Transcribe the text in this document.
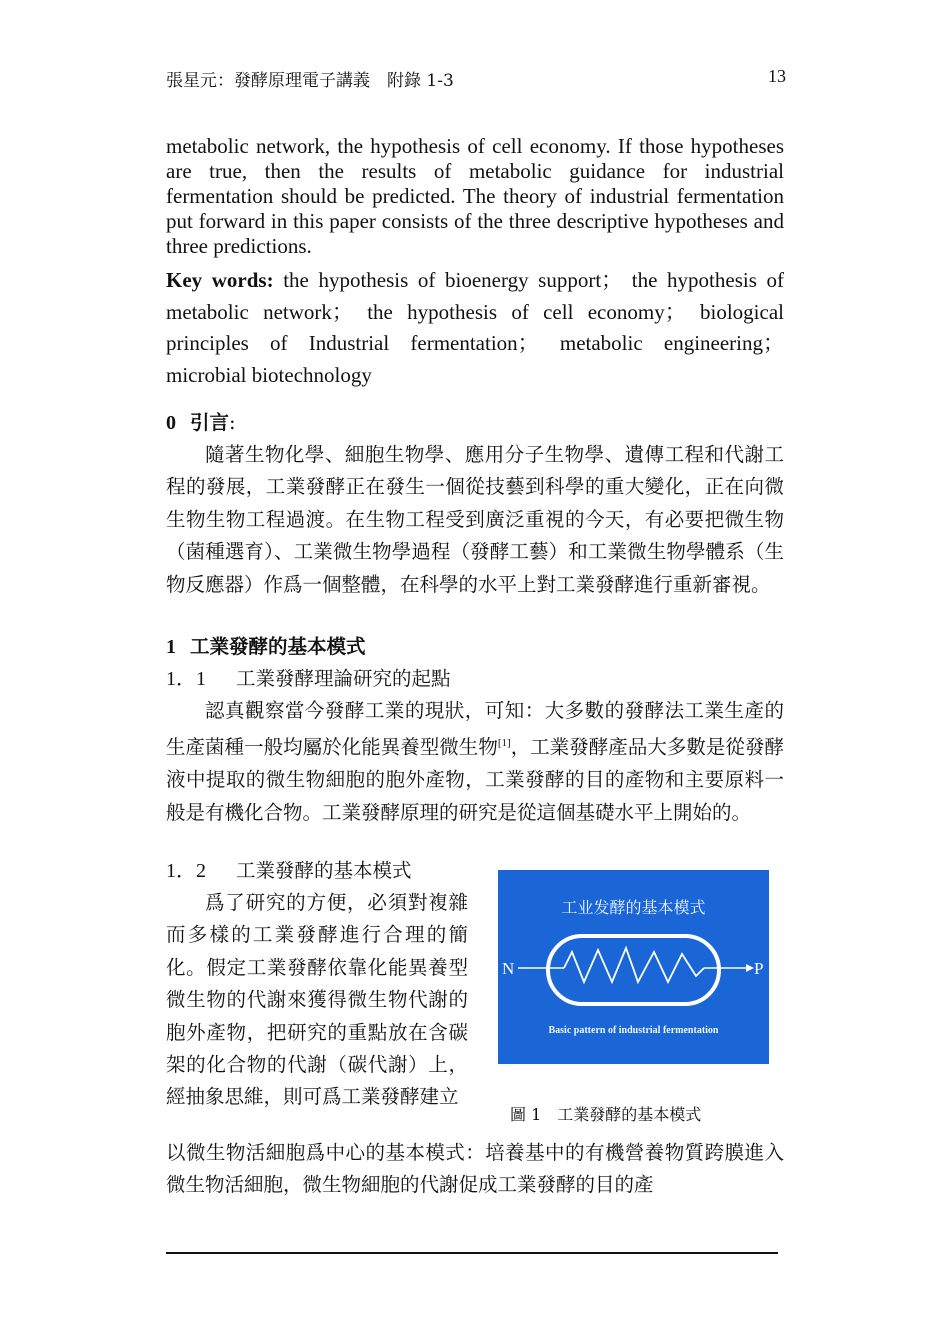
張星元：發酵原理電子講義　附錄 1-3	13

metabolic network, the hypothesis of cell economy. If those hypotheses are true, then the results of metabolic guidance for industrial fermentation should be predicted. The theory of industrial fermentation put forward in this paper consists of the three descriptive hypotheses and three predictions.

Key words: the hypothesis of bioenergy support； the hypothesis of metabolic network； the hypothesis of cell economy； biological principles of Industrial fermentation； metabolic engineering； microbial biotechnology
0 引言:

隨著生物化學、細胞生物學、應用分子生物學、遺傳工程和代謝工程的發展，工業發酵正在發生一個從技藝到科學的重大變化，正在向微生物生物工程過渡。在生物工程受到廣泛重視的今天，有必要把微生物（菌種選育）、工業微生物學過程（發酵工藝）和工業微生物學體系（生物反應器）作爲一個整體，在科學的水平上對工業發酵進行重新審視。

1 工業發酵的基本模式
1．1 工業發酵理論研究的起點

認真觀察當今發酵工業的現狀，可知：大多數的發酵法工業生產的生產菌種一般均屬於化能異養型微生物[1]，工業發酵產品大多數是從發酵液中提取的微生物細胞的胞外產物，工業發酵的目的產物和主要原料一般是有機化合物。工業發酵原理的研究是從這個基礎水平上開始的。

1．2 工業發酵的基本模式

爲了研究的方便，必須對複雜而多樣的工業發酵進行合理的簡化。假定工業發酵依靠化能異養型微生物的代謝來獲得微生物代謝的胞外產物，把研究的重點放在含碳架的化合物的代謝（碳代謝）上，經抽象思維，則可爲工業發酵建立

工业发酵的基本模式
N	P
Basic pattern of industrial fermentation
圖 1　工業發酵的基本模式

以微生物活細胞爲中心的基本模式：培養基中的有機營養物質跨膜進入微生物活細胞，微生物細胞的代謝促成工業發酵的目的產
